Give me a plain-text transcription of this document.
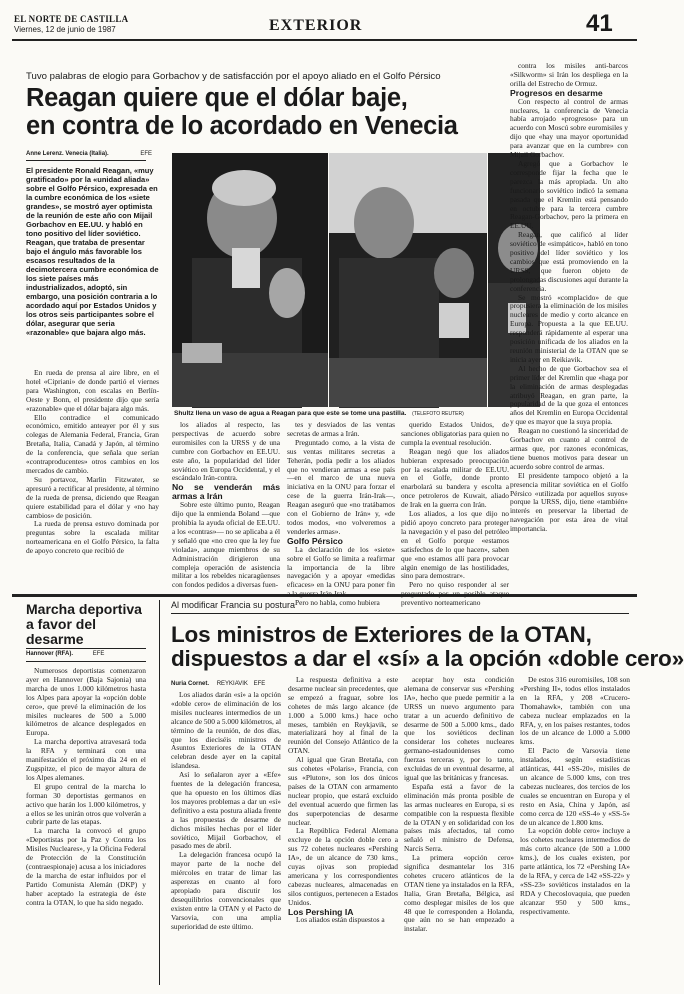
EL NORTE DE CASTILLA
Viernes, 12 de junio de 1987	EXTERIOR	41
Tuvo palabras de elogio para Gorbachov y de satisfacción por el apoyo aliado en el Golfo Pérsico
Reagan quiere que el dólar baje,
en contra de lo acordado en Venecia
Anne Lerenz. Venecia (Italia).	EFE
El presidente Ronald Reagan, «muy gratificado» por la «unidad aliada» sobre el Golfo Pérsico, expresada en la cumbre económica de los «siete grandes», se mostró ayer optimista de la reunión de este año con Mijail Gorbachov en EE.UU. y habló en tono positivo del líder soviético. Reagan, que trataba de presentar bajo el ángulo más favorable los escasos resultados de la decimotercera cumbre económica de los siete países más industrializados, adoptó, sin embargo, una posición contraria a lo acordado aquí por Estados Unidos y los otros seis participantes sobre el dólar, asegurar que seria «razonable» que bajara algo más.
Shultz llena un vaso de agua a Reagan para que este se tome una pastilla. (TELEFOTO REUTER)

En rueda de prensa al aire libre, en el hotel «Cipriani» de donde partió el viernes para Washington, con escalas en Berlín-Oeste y Bonn, el presidente dijo que sería «razonable» que el dólar bajara algo más.

Ello contradice el comunicado económico, emitido anteayer por él y sus colegas de Alemania Federal, Francia, Gran Bretaña, Italia, Canadá y Japón, al término de la conferencia, que señala que serían «contraproducentes» otros cambios en los mercados de cambio.

Su portavoz, Marlin Fitzwater, se apresuró a rectificar al presidente, al término de la rueda de prensa, diciendo que Reagan quiere estabilidad para el dólar y «no hay cambios» de posición.

La rueda de prensa estuvo dominada por preguntas sobre la escalada militar norteamericana en el Golfo Pérsico, la falta de apoyo concreto que recibió de

los aliados al respecto, las perspectivas de acuerdo sobre euromisiles con la URSS y de una cumbre con Gorbachov en EE.UU. este año, la popularidad del líder soviético en Europa Occidental, y el escándalo Irán-contra.

No se venderán más armas a Irán

Sobre este último punto, Reagan dijo que la enmienda Boland —que prohibía la ayuda oficial de EE.UU. a los «contras»— no se aplicaba a él y señaló que «no creo que la ley fue violada», aunque miembros de su Administración dirigieron una compleja operación de asistencia militar a los rebeldes nicaragüenses con fondos pedidos a diversas fuen-

tes y desviados de las ventas secretas de armas a Irán.

Preguntado como, a la vista de sus ventas militares secretas a Teherán, podía pedir a los aliados que no vendieran armas a ese país —en el marco de una nueva iniciativa en la ONU para forzar el cese de la guerra Irán-Irak—, Reagan aseguró que «no tratábamos con el Gobierno de Irán» y, «de todos modos, «no volveremos a venderles armas».

Golfo Pérsico

La declaración de los «siete» sobre el Golfo se limita a reafirmar la importancia de la libre navegación y a apoyar «medidas eficaces» en la ONU para poner fin

Pero no habla, como hubiera

querido Estados Unidos, de sanciones obligatorias para quien no cumpla la eventual resolución.

Reagan negó que los aliados hubieran expresado preocupación por la escalada militar de EE.UU. en el Golfe, donde pronto enarbolará su bandera y escolta a once petroleros de Kuwait, aliado de Irak en la guerra con Irán.

Los aliados, a los que dijo no pidió apoyo concreto para proteger la navegación y el paso del petróleo en el Golfo porque «estamos satisfechos de lo que hacen», saben que «no estamos allí para provocar algún enemigo de las hostilidades, sino para demostrar».

Pero no quiso responder al ser preventivo norteamericano

contra los misiles anti-barcos «Silkworm» si Irán los despliega en la orilla del Estrecho de Ormuz.

Progresos en desarme

Con respecto al control de armas nucleares, la conferencia de Venecia había arrojado «progresos» para un acuerdo con Moscú sobre euromisiles y dijo que «hay una mayor oportunidad para avanzar que en la cumbre» con Mijail Gorbachov.

Agregó que a Gorbachov le corresponde fijar la fecha que le parezca la más apropiada. Un alto funcionario soviético indicó la semana pasada que el Kremlin está pensando en octubre para la tercera cumbre Reagan-Gorbachov, pero la primera en EE.UU.

Reagan, que calificó al líder soviético de «simpático», habló en tono positivo del líder soviético y los cambios que está promoviendo en la URSS, que fueron objeto de prolongadas discusiones aquí durante la conferencia.

Se mostró «complacido» de que propusiera la eliminación de los misiles nucleares de medio y corto alcance en Europa. Propuesta a la que EE.UU. responderá rápidamente al esperar una posición unificada de los aliados en la reunión ministerial de la OTAN que se inicia ayer en Reikiavik.

Al hecho de que Gorbachov sea el primer líder del Kremlin que «haga por la eliminación de armas desplegadas atribuyó Reagan, en gran parte, la popularidad de la que goza el entonces años del Kremlin en Europa Occidental y que es mayor que la suya propia.

Reagan no cuestionó la sinceridad de Gorbachov en cuanto al control de armas que, por razones económicas, tiene buenos motivos para desear un acuerdo sobre control de armas.

El presidente tampoco objetó a la presencia militar soviética en el Golfo Pérsico «utilizada por aquellos suyos» porque la URSS, dijo, tiene «también» interés en preservar la libertad de navegación por esta área de vital importancia.

Marcha deportiva a favor del desarme
Hannover (RFA).	EFE

Numerosos deportistas comenzaron ayer en Hannover (Baja Sajonia) una marcha de unos 1.000 kilómetros hasta los Alpes para apoyar la «opción doble cero», que prevé la eliminación de los misiles nucleares de 500 a 5.000 kilómetros de alcance desplegados en Europa.

La marcha deportiva atravesará toda la RFA y terminará con una manifestación el próximo día 24 en el Zugspitze, el pico de mayor altura de los Alpes alemanes.

El grupo central de la marcha lo forman 30 deportistas germanos en activo que harán los 1.000 kilómetros, y a ellos se les unirán otros que volverán a cubrir parte de las etapas.

La marcha la convocó el grupo «Deportistas por la Paz y Contra los Misiles Nucleares», y la Oficina Federal de Protección de la Constitución (contraespionaje) acusa a los iniciadores de la marcha de estar influidos por el Partido Comunista Alemán (DKP) y haber aceptado la estrategia de éste contra la OTAN, lo que ha sido negado.

Al modificar Francia su postura
Los ministros de Exteriores de la OTAN,
dispuestos a dar el «sí» a la opción «doble cero»
Nuria Cornet. REYKIAVIK EFE

Los aliados darán «sí» a la opción «doble cero» de eliminación de los misiles nucleares intermedios de un alcance de 500 a 5.000 kilómetros, al término de la reunión, de dos días, que los dieciséis ministros de Asuntos Exteriores de la OTAN celebran desde ayer en la capital islandesa.

Así lo señalaron ayer a «Efe» fuentes de la delegación francesa, que ha opuesto en los últimos días los mayores problemas a dar un «sí» definitivo a esta postura aliada frente a las propuestas de desarme de dichos misiles hechas por el líder soviético, Mijail Gorbachov, el pasado mes de abril.

La delegación francesa ocupó la mayor parte de la noche del miércoles en tratar de limar las asperezas en cuanto al foro apropiado para discutir los desequilibrios convencionales que existen entre la OTAN y el Pacto de Varsovia, con una amplia superioridad de este último.

La respuesta definitiva a este desarme nuclear sin precedentes, que se empezó a fraguar, sobre los cohetes de más largo alcance (de 1.000 a 5.000 kms.) hace ocho meses, también en Reykjavik, se materializará hoy al final de la reunión del Consejo Atlántico de la OTAN.

Al igual que Gran Bretaña, con sus cohetes «Polaris», Francia, con sus «Pluton», son los dos únicos países de la OTAN con armamento nuclear propio, que estará excluido del eventual acuerdo que firmen las dos superpotencias de desarme nuclear.

La República Federal Alemana excluye de la opción doble cero a sus 72 cohetes nucleares «Pershing IA», de un alcance de 730 kms., cuyas ojivas son propiedad americana y los correspondientes cabezas nucleares, almacenadas en silos contiguos, pertenecen a Estados Unidos.

Los Pershing IA

Los aliados están dispuestos a

aceptar hoy esta condición alemana de conservar sus «Pershing IA», hecho que puede permitir a la URSS un nuevo argumento para tratar a un acuerdo definitivo de desarme de 500 a 5.000 kms., dado que los soviéticos declinan considerar los cohetes nucleares germano-estadounidenses como fuerzas terceras y, por lo tanto, excluidas de un eventual desarme, al igual que las británicas y francesas.

España está a favor de la eliminación más pronta posible de las armas nucleares en Europa, si es compatible con la respuesta flexible de la OTAN y en solidaridad con los países más afectados, tal como señaló el ministro de Defensa, Narcís Serra.

La primera «opción cero» significa desmantelar los 316 cohetes crucero atlánticos de la OTAN tiene ya instalados en la RFA, Italia, Gran Bretaña, Bélgica, así como desplegar misiles de los que 48 que le corresponden a Holanda, que aún no se han empezado a instalar.

De estos 316 euromisiles, 108 son «Pershing II», todos ellos instalados en la RFA, y 208 «Crucero-Thomahawk», también con una cabeza nuclear emplazados en la RFA, y, en los países restantes, todos los de un alcance de 1.000 a 5.000 kms.

El Pacto de Varsovia tiene instalados, según estadísticas atlánticas, 441 «SS-20», misiles de un alcance de 5.000 kms, con tres cabezas nucleares, dos tercios de los cuales se encuentran en Europa y el resto en Asia, China y Japón, así como cerca de 120 «SS-4» y «SS-5» de un alcance de 1.800 kms.

La «opción doble cero» incluye a los cohetes nucleares intermedios de más corto alcance (de 500 a 1.000 kms.), de los cuales existen, por parte atlántica, los 72 «Pershing IA» de la RFA, y cerca de 142 «SS-22» y «SS-23» soviéticos instalados en la RDA y Checoslovaquia, que pueden alcanzar 950 y 500 kms., respectivamente.
